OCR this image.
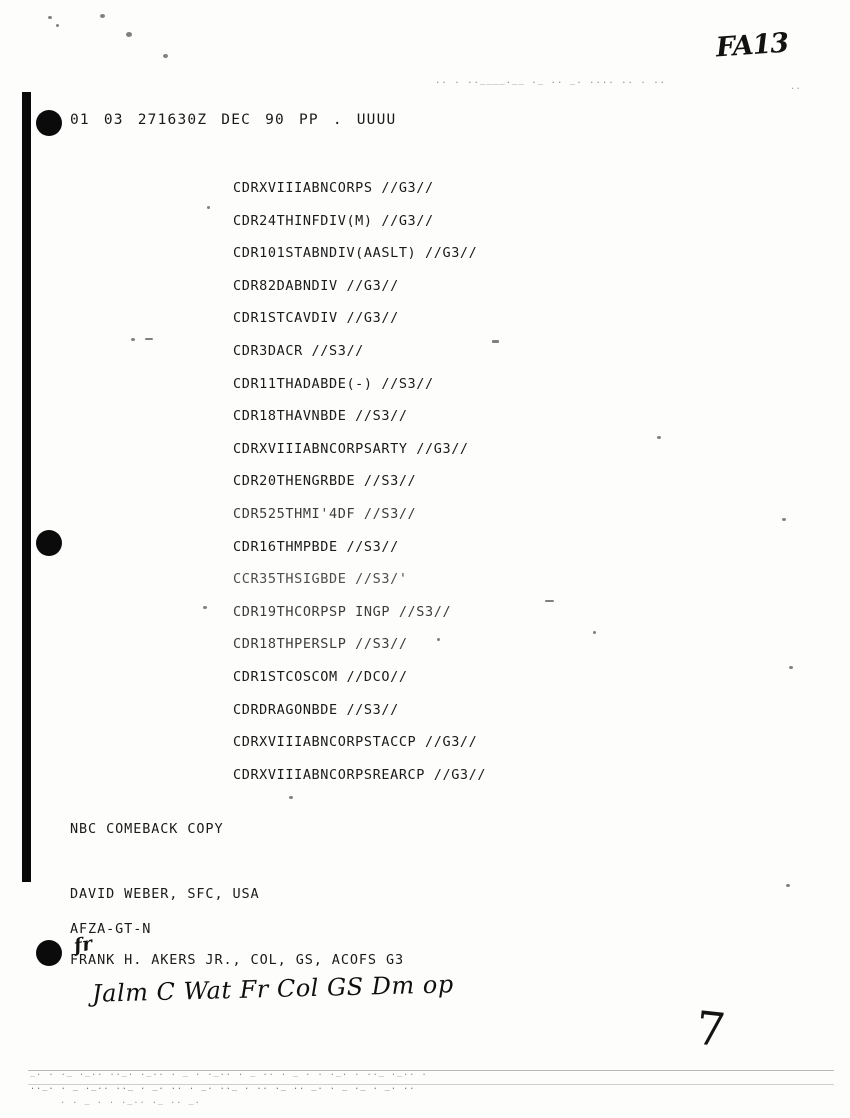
FA13
.. . ..____.__ ._ .. _. .... .. . ..
..
01 03 271630Z DEC 90 PP . UUUU
CDRXVIIIABNCORPS //G3//
CDR24THINFDIV(M) //G3//
CDR101STABNDIV(AASLT) //G3//
CDR82DABNDIV //G3//
CDR1STCAVDIV //G3//
CDR3DACR //S3//
CDR11THADABDE(-) //S3//
CDR18THAVNBDE //S3//
CDRXVIIIABNCORPSARTY //G3//
CDR20THENGRBDE //S3//
CDR525THMI'4DF //S3//
CDR16THMPBDE //S3//
CCR35THSIGBDE //S3/'
CDR19THCORPSP INGP //S3//
CDR18THPERSLP //S3//
CDR1STCOSCOM //DCO//
CDRDRAGONBDE //S3//
CDRXVIIIABNCORPSTACCP //G3//
CDRXVIIIABNCORPSREARCP //G3//
NBC COMEBACK COPY
DAVID WEBER, SFC, USA
AFZA-GT-N
fr
FRANK H. AKERS JR., COL, GS, ACOFS G3
Jalm C Wat Fr Col GS Dm op
7
_. . ._ ._.. .._. ._.. . _ . ._.. . _ .. . _ . . ._. . .._ ._.. .
.._. . _ ._.. .._ . _. .. . _. .._ . .. ._ .. _. . _ ._ . _. ..
. . _ . . ._.. ._ .. _.
